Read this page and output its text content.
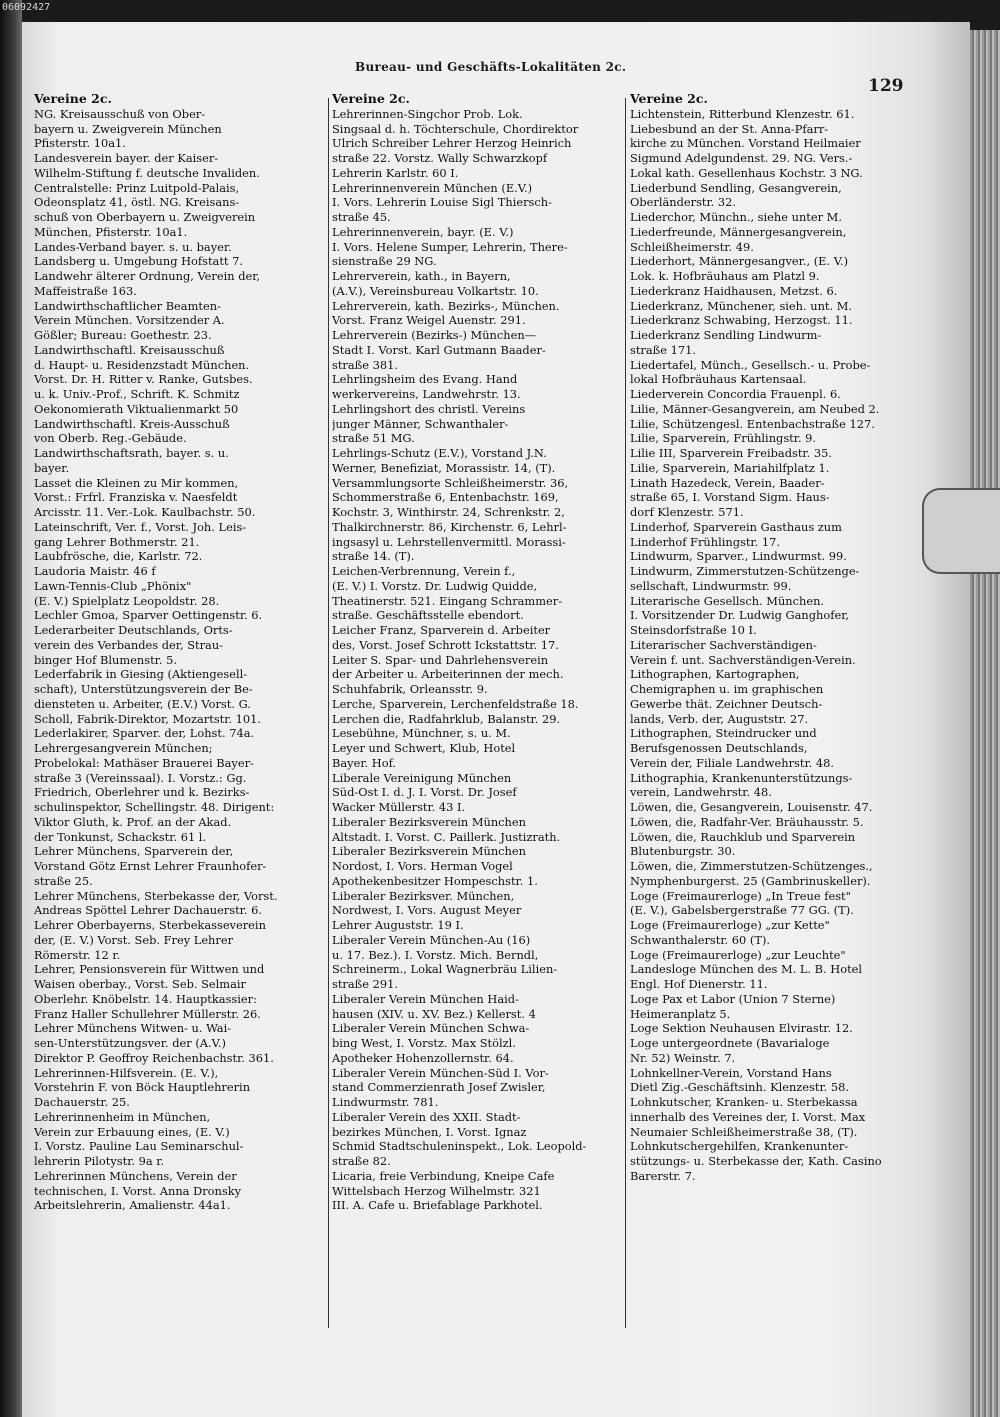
06092427
Bureau- und Geschäfts-Lokalitäten 2c.
129
Vereine 2c.
NG. Kreisausschuß von Ober-
bayern u. Zweigverein München
Pfisterstr. 10a1.
Landesverein bayer. der Kaiser-
Wilhelm-Stiftung f. deutsche Invaliden.
Centralstelle: Prinz Luitpold-Palais,
Odeonsplatz 41, östl. NG. Kreisans-
schuß von Oberbayern u. Zweigverein
München, Pfisterstr. 10a1.
Landes-Verband bayer. s. u. bayer.
Landsberg u. Umgebung Hofstatt 7.
Landwehr älterer Ordnung, Verein der,
Maffeistraße 163.
Landwirthschaftlicher Beamten-
Verein München. Vorsitzender A.
Gößler; Bureau: Goethestr. 23.
Landwirthschaftl. Kreisausschuß
d. Haupt- u. Residenzstadt München.
Vorst. Dr. H. Ritter v. Ranke, Gutsbes.
u. k. Univ.-Prof., Schrift. K. Schmitz
Oekonomierath Viktualienmarkt 50
Landwirthschaftl. Kreis-Ausschuß
von Oberb. Reg.-Gebäude.
Landwirthschaftsrath, bayer. s. u.
bayer.
Lasset die Kleinen zu Mir kommen,
Vorst.: Frfrl. Franziska v. Naesfeldt
Arcisstr. 11. Ver.-Lok. Kaulbachstr. 50.
Lateinschrift, Ver. f., Vorst. Joh. Leis-
gang Lehrer Bothmerstr. 21.
Laubfrösche, die, Karlstr. 72.
Laudoria Maistr. 46 f
Lawn-Tennis-Club „Phönix"
(E. V.) Spielplatz Leopoldstr. 28.
Lechler Gmoa, Sparver Oettingenstr. 6.
Lederarbeiter Deutschlands, Orts-
verein des Verbandes der, Strau-
binger Hof Blumenstr. 5.
Lederfabrik in Giesing (Aktiengesell-
schaft), Unterstützungsverein der Be-
diensteten u. Arbeiter, (E.V.) Vorst. G.
Scholl, Fabrik-Direktor, Mozartstr. 101.
Lederlakirer, Sparver. der, Lohst. 74a.
Lehrergesangverein München;
Probelokal: Mathäser Brauerei Bayer-
straße 3 (Vereinssaal). I. Vorstz.: Gg.
Friedrich, Oberlehrer und k. Bezirks-
schulinspektor, Schellingstr. 48. Dirigent:
Viktor Gluth, k. Prof. an der Akad.
der Tonkunst, Schackstr. 61 l.
Lehrer Münchens, Sparverein der,
Vorstand Götz Ernst Lehrer Fraunhofer-
straße 25.
Lehrer Münchens, Sterbekasse der, Vorst.
Andreas Spöttel Lehrer Dachauerstr. 6.
Lehrer Oberbayerns, Sterbekasseverein
der, (E. V.) Vorst. Seb. Frey Lehrer
Römerstr. 12 r.
Lehrer, Pensionsverein für Wittwen und
Waisen oberbay., Vorst. Seb. Selmair
Oberlehr. Knöbelstr. 14. Hauptkassier:
Franz Haller Schullehrer Müllerstr. 26.
Lehrer Münchens Witwen- u. Wai-
sen-Unterstützungsver. der (A.V.)
Direktor P. Geoffroy Reichenbachstr. 361.
Lehrerinnen-Hilfsverein. (E. V.),
Vorstehrin F. von Böck Hauptlehrerin
Dachauerstr. 25.
Lehrerinnenheim in München,
Verein zur Erbauung eines, (E. V.)
I. Vorstz. Pauline Lau Seminarschul-
lehrerin Pilotystr. 9a r.
Lehrerinnen Münchens, Verein der
technischen, I. Vorst. Anna Dronsky
Arbeitslehrerin, Amalienstr. 44a1.
Vereine 2c.
Lehrerinnen-Singchor Prob. Lok.
Singsaal d. h. Töchterschule, Chordirektor
Ulrich Schreiber Lehrer Herzog Heinrich
straße 22. Vorstz. Wally Schwarzkopf
Lehrerin Karlstr. 60 I.
Lehrerinnenverein München (E.V.)
I. Vors. Lehrerin Louise Sigl Thiersch-
straße 45.
Lehrerinnenverein, bayr. (E. V.)
I. Vors. Helene Sumper, Lehrerin, There-
sienstraße 29 NG.
Lehrerverein, kath., in Bayern,
(A.V.), Vereinsbureau Volkartstr. 10.
Lehrerverein, kath. Bezirks-, München.
Vorst. Franz Weigel Auenstr. 291.
Lehrerverein (Bezirks-) München—
Stadt I. Vorst. Karl Gutmann Baader-
straße 381.
Lehrlingsheim des Evang. Hand
werkervereins, Landwehrstr. 13.
Lehrlingshort des christl. Vereins
junger Männer, Schwanthaler-
straße 51 MG.
Lehrlings-Schutz (E.V.), Vorstand J.N.
Werner, Benefiziat, Morassistr. 14, (T).
Versammlungsorte Schleißheimerstr. 36,
Schommerstraße 6, Entenbachstr. 169,
Kochstr. 3, Winthirstr. 24, Schrenkstr. 2,
Thalkirchnerstr. 86, Kirchenstr. 6, Lehrl-
ingsasyl u. Lehrstellenvermittl. Morassi-
straße 14. (T).
Leichen-Verbrennung, Verein f.,
(E. V.) I. Vorstz. Dr. Ludwig Quidde,
Theatinerstr. 521. Eingang Schrammer-
straße. Geschäftsstelle ebendort.
Leicher Franz, Sparverein d. Arbeiter
des, Vorst. Josef Schrott Ickstattstr. 17.
Leiter S. Spar- und Dahrlehensverein
der Arbeiter u. Arbeiterinnen der mech.
Schuhfabrik, Orleansstr. 9.
Lerche, Sparverein, Lerchenfeldstraße 18.
Lerchen die, Radfahrklub, Balanstr. 29.
Lesebühne, Münchner, s. u. M.
Leyer und Schwert, Klub, Hotel
Bayer. Hof.
Liberale Vereinigung München
Süd-Ost I. d. J. I. Vorst. Dr. Josef
Wacker Müllerstr. 43 I.
Liberaler Bezirksverein München
Altstadt. I. Vorst. C. Paillerk. Justizrath.
Liberaler Bezirksverein München
Nordost, I. Vors. Herman Vogel
Apothekenbesitzer Hompeschstr. 1.
Liberaler Bezirksver. München,
Nordwest, I. Vors. August Meyer
Lehrer Auguststr. 19 I.
Liberaler Verein München-Au (16)
u. 17. Bez.). I. Vorstz. Mich. Berndl,
Schreinerm., Lokal Wagnerbräu Lilien-
straße 291.
Liberaler Verein München Haid-
hausen (XIV. u. XV. Bez.) Kellerst. 4
Liberaler Verein München Schwa-
bing West, I. Vorstz. Max Stölzl.
Apotheker Hohenzollernstr. 64.
Liberaler Verein München-Süd I. Vor-
stand Commerzienrath Josef Zwisler,
Lindwurmstr. 781.
Liberaler Verein des XXII. Stadt-
bezirkes München, I. Vorst. Ignaz
Schmid Stadtschuleninspekt., Lok. Leopold-
straße 82.
Licaria, freie Verbindung, Kneipe Cafe
Wittelsbach Herzog Wilhelmstr. 321
III. A. Cafe u. Briefablage Parkhotel.
Vereine 2c.
Lichtenstein, Ritterbund Klenzestr. 61.
Liebesbund an der St. Anna-Pfarr-
kirche zu München. Vorstand Heilmaier
Sigmund Adelgundenst. 29. NG. Vers.-
Lokal kath. Gesellenhaus Kochstr. 3 NG.
Liederbund Sendling, Gesangverein,
Oberländerstr. 32.
Liederchor, Münchn., siehe unter M.
Liederfreunde, Männergesangverein,
Schleißheimerstr. 49.
Liederhort, Männergesangver., (E. V.)
Lok. k. Hofbräuhaus am Platzl 9.
Liederkranz Haidhausen, Metzst. 6.
Liederkranz, Münchener, sieh. unt. M.
Liederkranz Schwabing, Herzogst. 11.
Liederkranz Sendling Lindwurm-
straße 171.
Liedertafel, Münch., Gesellsch.- u. Probe-
lokal Hofbräuhaus Kartensaal.
Liederverein Concordia Frauenpl. 6.
Lilie, Männer-Gesangverein, am Neubed 2.
Lilie, Schützengesl. Entenbachstraße 127.
Lilie, Sparverein, Frühlingstr. 9.
Lilie III, Sparverein Freibadstr. 35.
Lilie, Sparverein, Mariahilfplatz 1.
Linath Hazedeck, Verein, Baader-
straße 65, I. Vorstand Sigm. Haus-
dorf Klenzestr. 571.
Linderhof, Sparverein Gasthaus zum
Linderhof Frühlingstr. 17.
Lindwurm, Sparver., Lindwurmst. 99.
Lindwurm, Zimmerstutzen-Schützenge-
sellschaft, Lindwurmstr. 99.
Literarische Gesellsch. München.
I. Vorsitzender Dr. Ludwig Ganghofer,
Steinsdorfstraße 10 I.
Literarischer Sachverständigen-
Verein f. unt. Sachverständigen-Verein.
Lithographen, Kartographen,
Chemigraphen u. im graphischen
Gewerbe thät. Zeichner Deutsch-
lands, Verb. der, Auguststr. 27.
Lithographen, Steindrucker und
Berufsgenossen Deutschlands,
Verein der, Filiale Landwehrstr. 48.
Lithographia, Krankenunterstützungs-
verein, Landwehrstr. 48.
Löwen, die, Gesangverein, Louisenstr. 47.
Löwen, die, Radfahr-Ver. Bräuhausstr. 5.
Löwen, die, Rauchklub und Sparverein
Blutenburgstr. 30.
Löwen, die, Zimmerstutzen-Schützenges.,
Nymphenburgerst. 25 (Gambrinuskeller).
Loge (Freimaurerloge) „In Treue fest"
(E. V.), Gabelsbergerstraße 77 GG. (T).
Loge (Freimaurerloge) „zur Kette"
Schwanthalerstr. 60 (T).
Loge (Freimaurerloge) „zur Leuchte"
Landesloge München des M. L. B. Hotel
Engl. Hof Dienerstr. 11.
Loge Pax et Labor (Union 7 Sterne)
Heimeranplatz 5.
Loge Sektion Neuhausen Elvirastr. 12.
Loge untergeordnete (Bavarialoge
Nr. 52) Weinstr. 7.
Lohnkellner-Verein, Vorstand Hans
Dietl Zig.-Geschäftsinh. Klenzestr. 58.
Lohnkutscher, Kranken- u. Sterbekassa
innerhalb des Vereines der, I. Vorst. Max
Neumaier Schleißheimerstraße 38, (T).
Lohnkutschergehilfen, Krankenunter-
stützungs- u. Sterbekasse der, Kath. Casino
Barerstr. 7.
